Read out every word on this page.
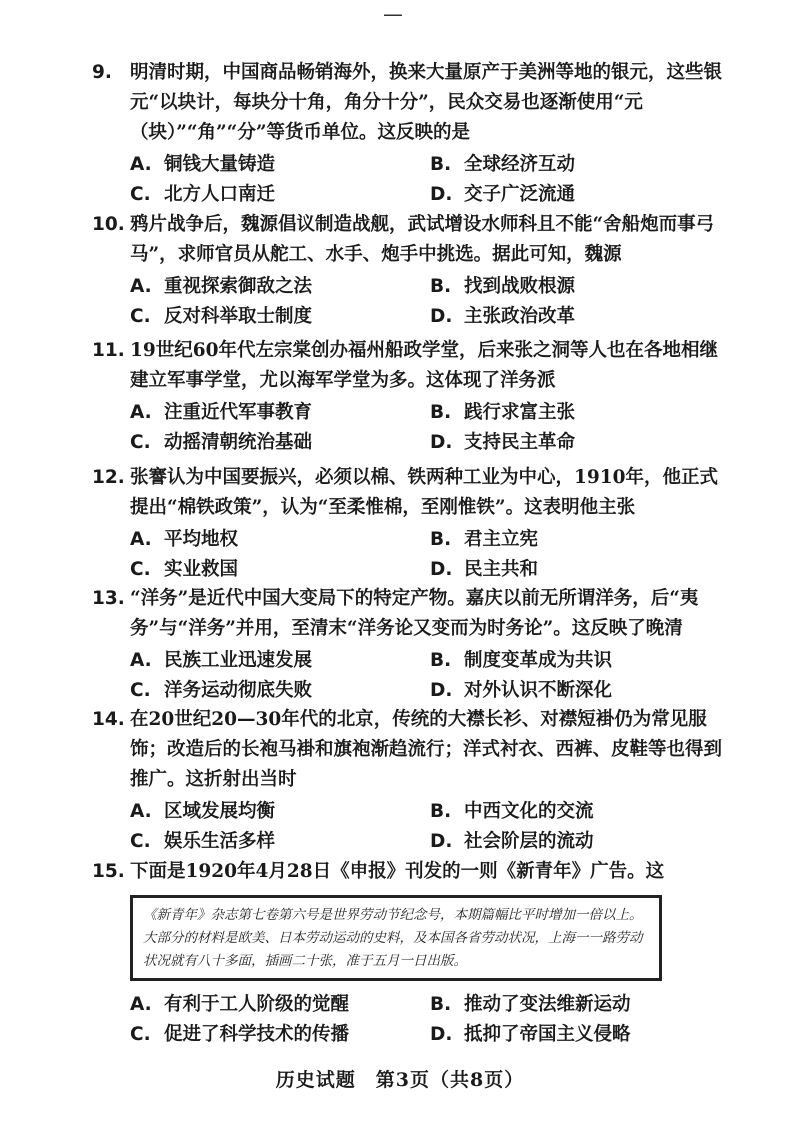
—
9. 明清时期，中国商品畅销海外，换来大量原产于美洲等地的银元，这些银元“以块计，每块分十角，角分十分”，民众交易也逐渐使用“元（块）”“角”“分”等货币单位。这反映的是
A. 铜钱大量铸造	B. 全球经济互动
C. 北方人口南迁	D. 交子广泛流通
10. 鸦片战争后，魏源倡议制造战舰，武试增设水师科且不能“舍船炮而事弓马”，求师官员从舵工、水手、炮手中挑选。据此可知，魏源
A. 重视探索御敌之法	B. 找到战败根源
C. 反对科举取士制度	D. 主张政治改革
11. 19世纪60年代左宗棠创办福州船政学堂，后来张之洞等人也在各地相继建立军事学堂，尤以海军学堂为多。这体现了洋务派
A. 注重近代军事教育	B. 践行求富主张
C. 动摇清朝统治基础	D. 支持民主革命
12. 张謇认为中国要振兴，必须以棉、铁两种工业为中心，1910年，他正式提出“棉铁政策”，认为“至柔惟棉，至刚惟铁”。这表明他主张
A. 平均地权	B. 君主立宪
C. 实业救国	D. 民主共和
13. “洋务”是近代中国大变局下的特定产物。嘉庆以前无所谓洋务，后“夷务”与“洋务”并用，至清末“洋务论又变而为时务论”。这反映了晚清
A. 民族工业迅速发展	B. 制度变革成为共识
C. 洋务运动彻底失败	D. 对外认识不断深化
14. 在20世纪20—30年代的北京，传统的大襟长衫、对襟短褂仍为常见服饰；改造后的长袍马褂和旗袍渐趋流行；洋式衬衣、西裤、皮鞋等也得到推广。这折射出当时
A. 区域发展均衡	B. 中西文化的交流
C. 娱乐生活多样	D. 社会阶层的流动
15. 下面是1920年4月28日《申报》刊发的一则《新青年》广告。这
《新青年》杂志第七卷第六号是世界劳动节纪念号，本期篇幅比平时增加一倍以上。大部分的材料是欧美、日本劳动运动的史料，及本国各省劳动状况，上海一一路劳动状况就有八十多面，插画二十张，准于五月一日出版。
A. 有利于工人阶级的觉醒	B. 推动了变法维新运动
C. 促进了科学技术的传播	D. 抵抑了帝国主义侵略
历史试题　第3页（共8页）
